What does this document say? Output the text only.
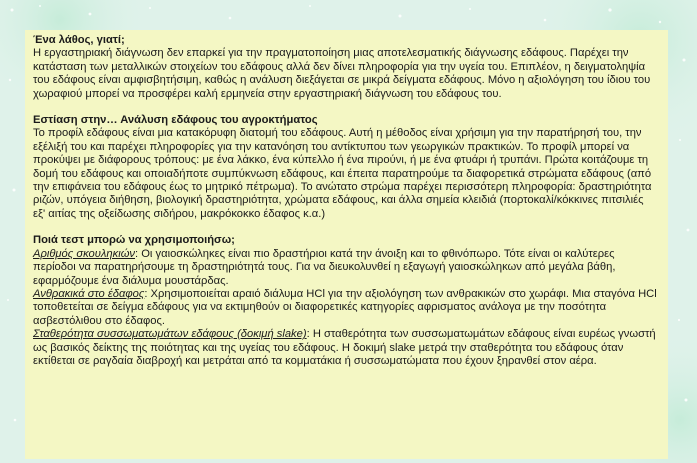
Ένα λάθος, γιατί;
Η εργαστηριακή διάγνωση δεν επαρκεί για την πραγματοποίηση μιας αποτελεσματικής διάγνωσης εδάφους. Παρέχει την κατάσταση των μεταλλικών στοιχείων του εδάφους αλλά δεν δίνει πληροφορία για την υγεία του. Επιπλέον, η δειγματοληψία του εδάφους είναι αμφισβητήσιμη, καθώς η ανάλυση διεξάγεται σε μικρά δείγματα εδάφους. Μόνο η αξιολόγηση του ίδιου του χωραφιού μπορεί να προσφέρει καλή ερμηνεία στην εργαστηριακή διάγνωση του εδάφους του.
Εστίαση στην… Ανάλυση εδάφους του αγροκτήματος
Το προφίλ εδάφους είναι μια κατακόρυφη διατομή του εδάφους. Αυτή η μέθοδος είναι χρήσιμη για την παρατήρησή του, την εξέλιξή του και παρέχει πληροφορίες για την κατανόηση του αντίκτυπου των γεωργικών πρακτικών. Το προφίλ μπορεί να προκύψει με διάφορους τρόπους: με ένα λάκκο, ένα κύπελλο ή ένα πιρούνι, ή με ένα φτυάρι ή τρυπάνι. Πρώτα κοιτάζουμε τη δομή του εδάφους και οποιαδήποτε συμπύκνωση εδάφους, και έπειτα παρατηρούμε τα διαφορετικά στρώματα εδάφους (από την επιφάνεια του εδάφους έως το μητρικό πέτρωμα). Το ανώτατο στρώμα παρέχει περισσότερη πληροφορία: δραστηριότητα ριζών, υπόγεια διήθηση, βιολογική δραστηριότητα, χρώματα εδάφους, και άλλα σημεία κλειδιά (πορτοκαλί/κόκκινες πιτσιλιές εξ' αιτίας της οξείδωσης σιδήρου, μακρόκοκκο έδαφος κ.α.)
Ποιά τεστ μπορώ να χρησιμοποιήσω;
Αριθμός σκουληκιών: Οι γαιοσκώληκες είναι πιο δραστήριοι κατά την άνοιξη και το φθινόπωρο. Τότε είναι οι καλύτερες περίοδοι να παρατηρήσουμε τη δραστηριότητά τους. Για να διευκολυνθεί η εξαγωγή γαιοσκώληκων από μεγάλα βάθη, εφαρμόζουμε ένα διάλυμα μουστάρδας.
Ανθρακικά στο έδαφος: Χρησιμοποιείται αραιό διάλυμα HCl για την αξιολόγηση των ανθρακικών στο χωράφι. Μια σταγόνα HCl τοποθετείται σε δείγμα εδάφους για να εκτιμηθούν οι διαφορετικές κατηγορίες αφρισματος ανάλογα με την ποσότητα ασβεστόλιθου στο έδαφος.
Σταθερότητα συσσωματωμάτων εδάφους (δοκιμή slake): Η σταθερότητα των συσσωματωμάτων εδάφους είναι ευρέως γνωστή ως βασικός δείκτης της ποιότητας και της υγείας του εδάφους. Η δοκιμή slake μετρά την σταθερότητα του εδάφους όταν εκτίθεται σε ραγδαία διαβροχή και μετράται από τα κομματάκια ή συσσωματώματα που έχουν ξηρανθεί στον αέρα.
